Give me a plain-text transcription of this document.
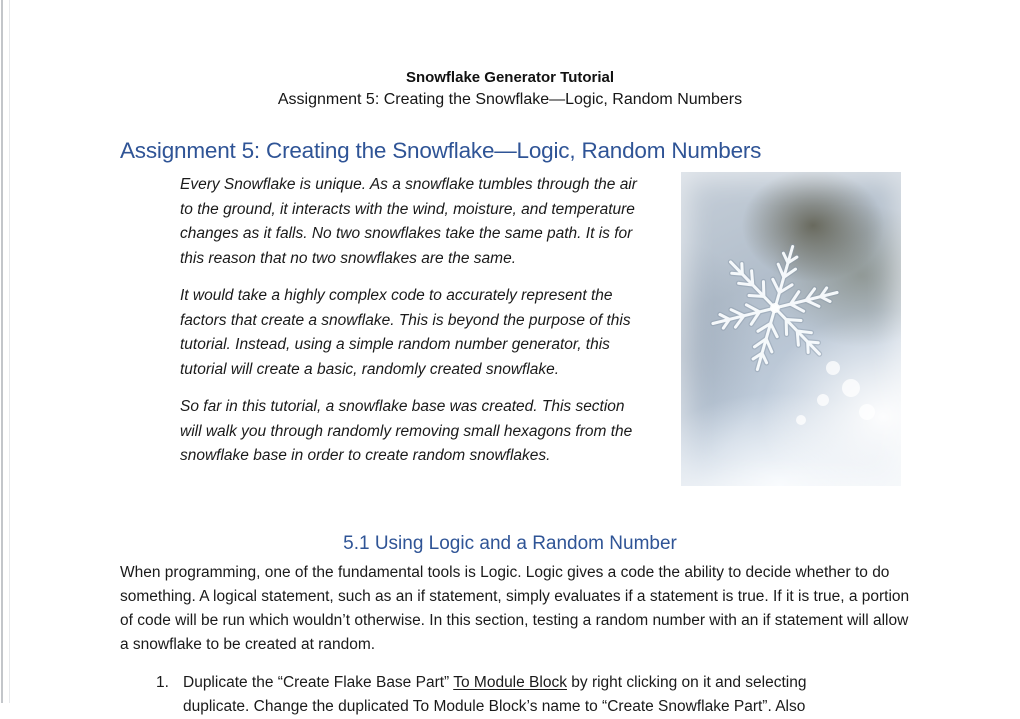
Snowflake Generator Tutorial
Assignment 5: Creating the Snowflake—Logic, Random Numbers
Assignment 5: Creating the Snowflake—Logic, Random Numbers

Every Snowflake is unique. As a snowflake tumbles through the air to the ground, it interacts with the wind, moisture, and temperature changes as it falls. No two snowflakes take the same path. It is for this reason that no two snowflakes are the same.

It would take a highly complex code to accurately represent the factors that create a snowflake. This is beyond the purpose of this tutorial. Instead, using a simple random number generator, this tutorial will create a basic, randomly created snowflake.

So far in this tutorial, a snowflake base was created. This section will walk you through randomly removing small hexagons from the snowflake base in order to create random snowflakes.

5.1 Using Logic and a Random Number
When programming, one of the fundamental tools is Logic. Logic gives a code the ability to decide whether to do something. A logical statement, such as an if statement, simply evaluates if a statement is true. If it is true, a portion of code will be run which wouldn’t otherwise. In this section, testing a random number with an if statement will allow a snowflake to be created at random.
1. Duplicate the “Create Flake Base Part” To Module Block by right clicking on it and selecting
duplicate. Change the duplicated To Module Block’s name to “Create Snowflake Part”. Also
